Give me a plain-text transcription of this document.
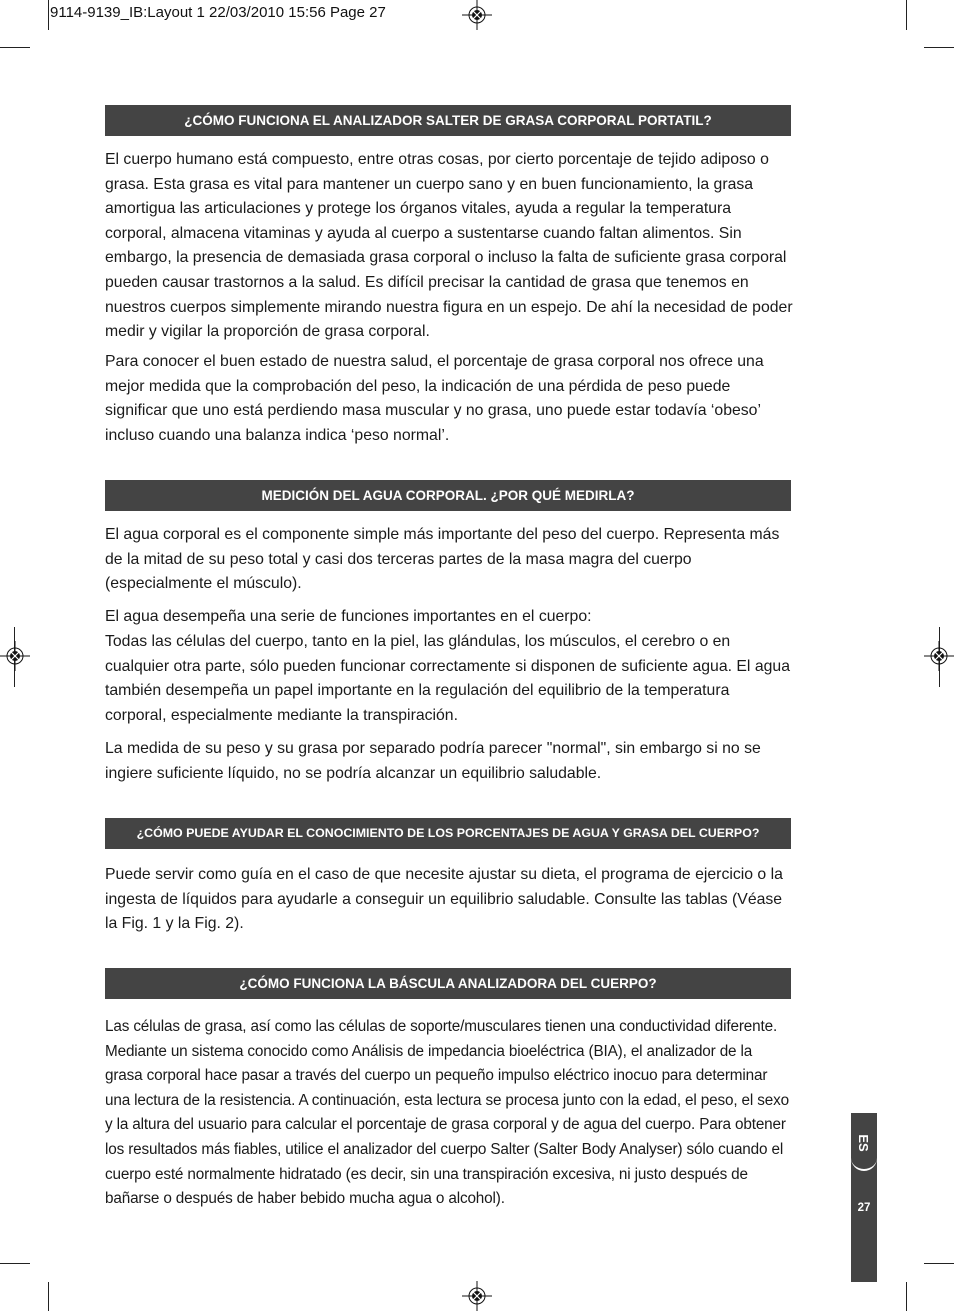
9114-9139_IB:Layout 1 22/03/2010 15:56 Page 27
¿CÓMO FUNCIONA EL ANALIZADOR SALTER DE GRASA CORPORAL PORTATIL?

El cuerpo humano está compuesto, entre otras cosas, por cierto porcentaje de tejido adiposo o grasa. Esta grasa es vital para mantener un cuerpo sano y en buen funcionamiento, la grasa amortigua las articulaciones y protege los órganos vitales, ayuda a regular la temperatura corporal, almacena vitaminas y ayuda al cuerpo a sustentarse cuando faltan alimentos. Sin embargo, la presencia de demasiada grasa corporal o incluso la falta de suficiente grasa corporal pueden causar trastornos a la salud. Es difícil precisar la cantidad de grasa que tenemos en nuestros cuerpos simplemente mirando nuestra figura en un espejo. De ahí la necesidad de poder medir y vigilar la proporción de grasa corporal.

Para conocer el buen estado de nuestra salud, el porcentaje de grasa corporal nos ofrece una mejor medida que la comprobación del peso, la indicación de una pérdida de peso puede significar que uno está perdiendo masa muscular y no grasa, uno puede estar todavía ‘obeso’ incluso cuando una balanza indica ‘peso normal’.

MEDICIÓN DEL AGUA CORPORAL. ¿POR QUÉ MEDIRLA?

El agua corporal es el componente simple más importante del peso del cuerpo. Representa más de la mitad de su peso total y casi dos terceras partes de la masa magra del cuerpo (especialmente el músculo).

El agua desempeña una serie de funciones importantes en el cuerpo:

Todas las células del cuerpo, tanto en la piel, las glándulas, los músculos, el cerebro o en cualquier otra parte, sólo pueden funcionar correctamente si disponen de suficiente agua. El agua también desempeña un papel importante en la regulación del equilibrio de la temperatura corporal, especialmente mediante la transpiración.

La medida de su peso y su grasa por separado podría parecer "normal", sin embargo si no se ingiere suficiente líquido, no se podría alcanzar un equilibrio saludable.

¿CÓMO PUEDE AYUDAR EL CONOCIMIENTO DE LOS PORCENTAJES DE AGUA Y GRASA DEL CUERPO?

Puede servir como guía en el caso de que necesite ajustar su dieta, el programa de ejercicio o la ingesta de líquidos para ayudarle a conseguir un equilibrio saludable. Consulte las tablas (Véase la Fig. 1 y la Fig. 2).

¿CÓMO FUNCIONA LA BÁSCULA ANALIZADORA DEL CUERPO?

Las células de grasa, así como las células de soporte/musculares tienen una conductividad diferente. Mediante un sistema conocido como Análisis de impedancia bioeléctrica (BIA), el analizador de la grasa corporal hace pasar a través del cuerpo un pequeño impulso eléctrico inocuo para determinar una lectura de la resistencia. A continuación, esta lectura se procesa junto con la edad, el peso, el sexo y la altura del usuario para calcular el porcentaje de grasa corporal y de agua del cuerpo. Para obtener los resultados más fiables, utilice el analizador del cuerpo Salter (Salter Body Analyser) sólo cuando el cuerpo esté normalmente hidratado (es decir, sin una transpiración excesiva, ni justo después de bañarse o después de haber bebido mucha agua o alcohol).

ES
27
